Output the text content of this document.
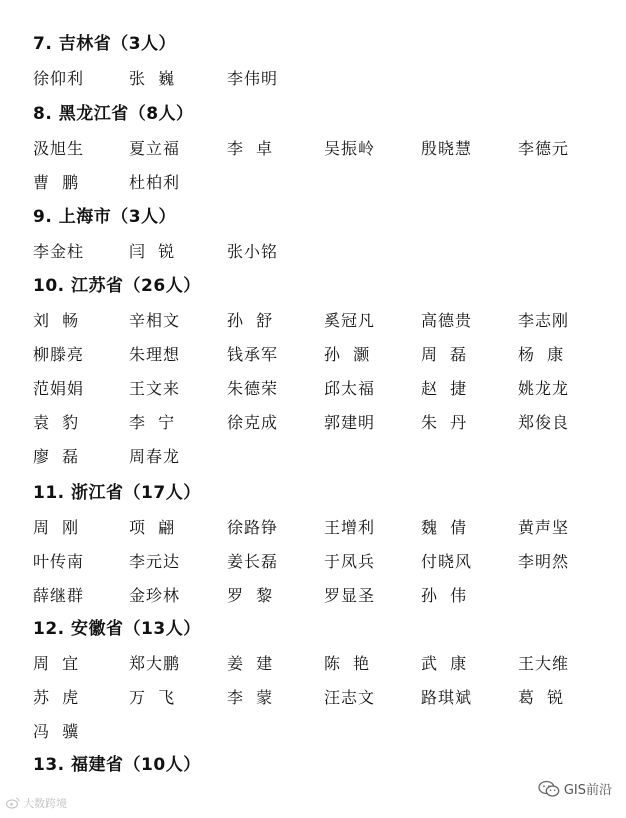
7. 吉林省（3人）
徐仰利	张  巍	李伟明
8. 黑龙江省（8人）
汲旭生	夏立福	李  卓	吴振岭	殷晓慧	李德元
曹  鹏	杜柏利
9. 上海市（3人）
李金柱	闫  锐	张小铭
10. 江苏省（26人）
刘  畅	辛相文	孙  舒	奚冠凡	高德贵	李志刚
柳滕亮	朱理想	钱承军	孙  灏	周  磊	杨  康
范娟娟	王文来	朱德荣	邱太福	赵  捷	姚龙龙
袁  豹	李  宁	徐克成	郭建明	朱  丹	郑俊良
廖  磊	周春龙
11. 浙江省（17人）
周  刚	项  翩	徐路铮	王增利	魏  倩	黄声坚
叶传南	李元达	姜长磊	于凤兵	付晓风	李明然
薛继群	金珍林	罗  黎	罗显圣	孙  伟
12. 安徽省（13人）
周  宜	郑大鹏	姜  建	陈  艳	武  康	王大维
苏  虎	万  飞	李  蒙	汪志文	路琪斌	葛  锐
冯  骥
13. 福建省（10人）
大数跨境
GIS前沿
